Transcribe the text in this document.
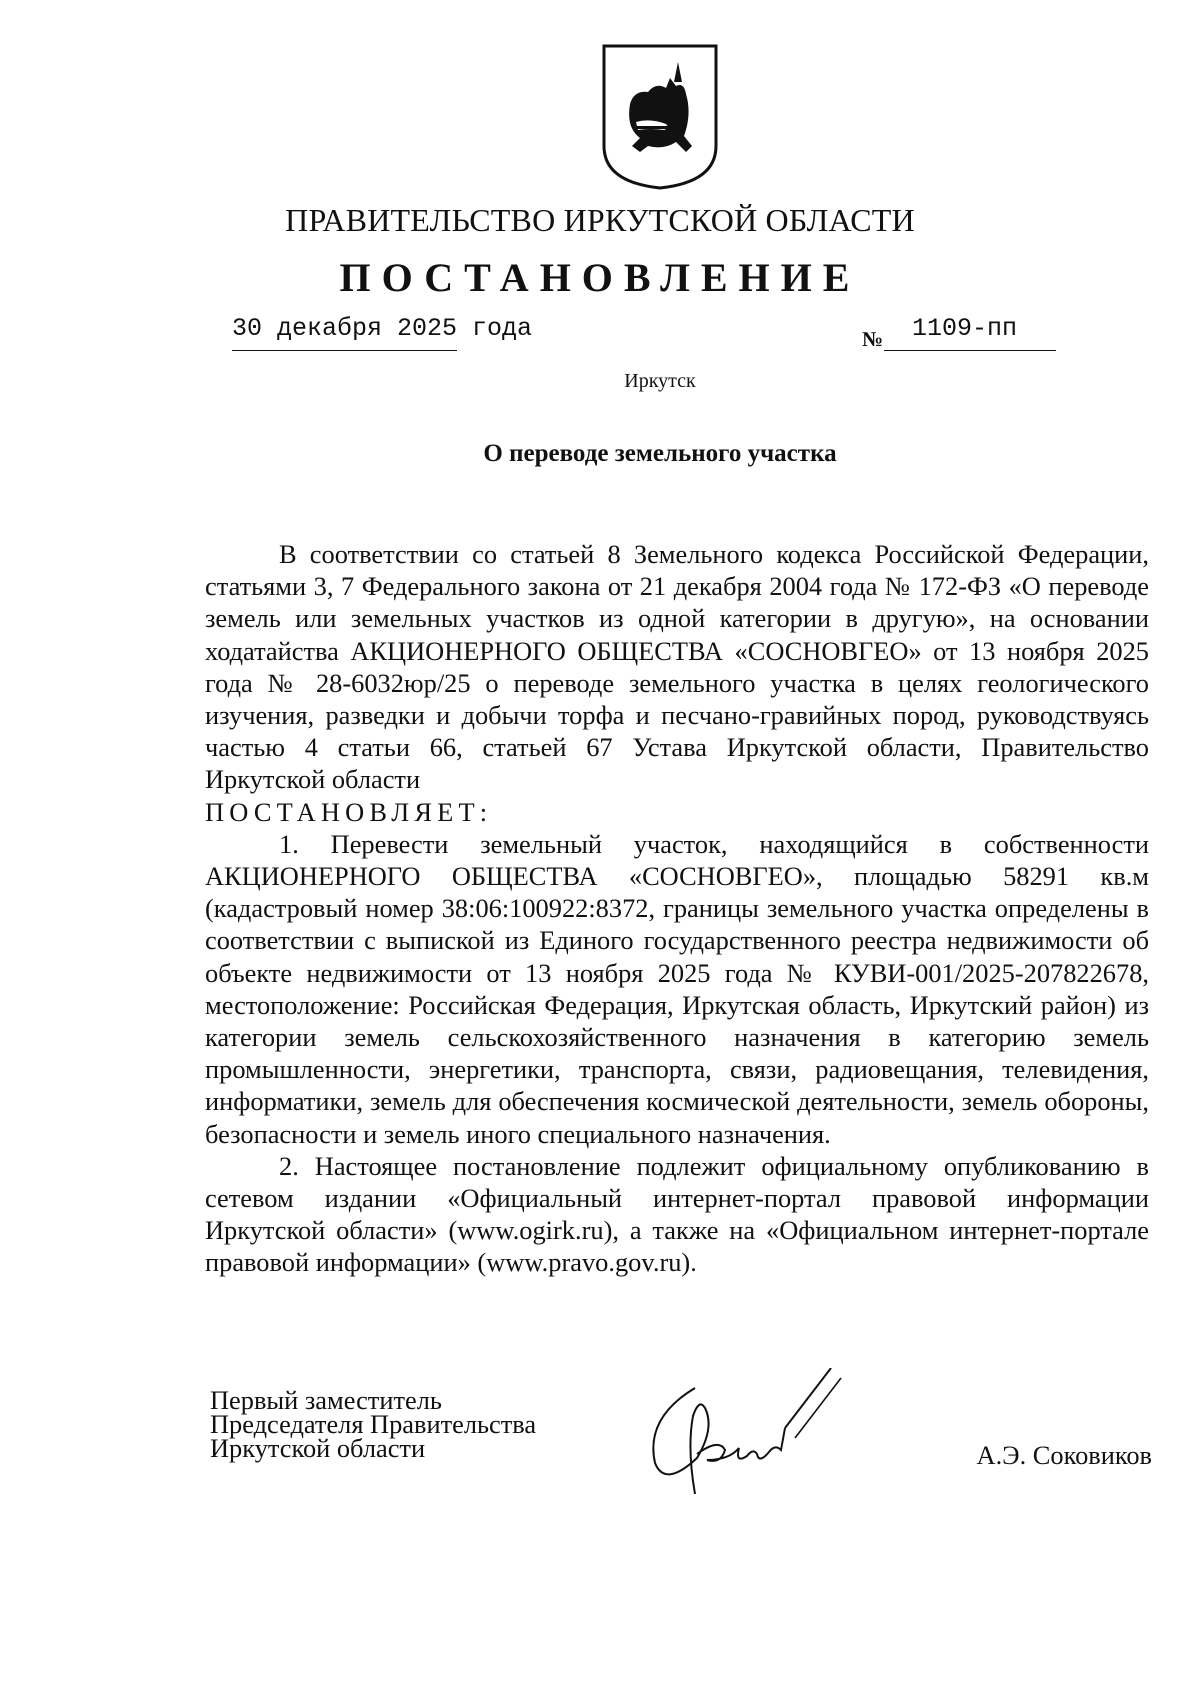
ПРАВИТЕЛЬСТВО ИРКУТСКОЙ ОБЛАСТИ
ПОСТАНОВЛЕНИЕ
30 декабря 2025 года	№ 1109-пп
Иркутск
О переводе земельного участка

В соответствии со статьей 8 Земельного кодекса Российской Федерации, статьями 3, 7 Федерального закона от 21 декабря 2004 года № 172-ФЗ «О переводе земель или земельных участков из одной категории в другую», на основании ходатайства АКЦИОНЕРНОГО ОБЩЕСТВА «СОСНОВГЕО» от 13 ноября 2025 года № 28-6032юр/25 о переводе земельного участка в целях геологического изучения, разведки и добычи торфа и песчано-гравийных пород, руководствуясь частью 4 статьи 66, статьей 67 Устава Иркутской области, Правительство Иркутской области

ПОСТАНОВЛЯЕТ:

1. Перевести земельный участок, находящийся в собственности АКЦИОНЕРНОГО ОБЩЕСТВА «СОСНОВГЕО», площадью 58291 кв.м (кадастровый номер 38:06:100922:8372, границы земельного участка определены в соответствии с выпиской из Единого государственного реестра недвижимости об объекте недвижимости от 13 ноября 2025 года № КУВИ-001/2025-207822678, местоположение: Российская Федерация, Иркутская область, Иркутский район) из категории земель сельскохозяйственного назначения в категорию земель промышленности, энергетики, транспорта, связи, радиовещания, телевидения, информатики, земель для обеспечения космической деятельности, земель обороны, безопасности и земель иного специального назначения.

2. Настоящее постановление подлежит официальному опубликованию в сетевом издании «Официальный интернет-портал правовой информации Иркутской области» (www.ogirk.ru), а также на «Официальном интернет-портале правовой информации» (www.pravo.gov.ru).

Первый заместитель
Председателя Правительства
Иркутской области	А.Э. Соковиков
